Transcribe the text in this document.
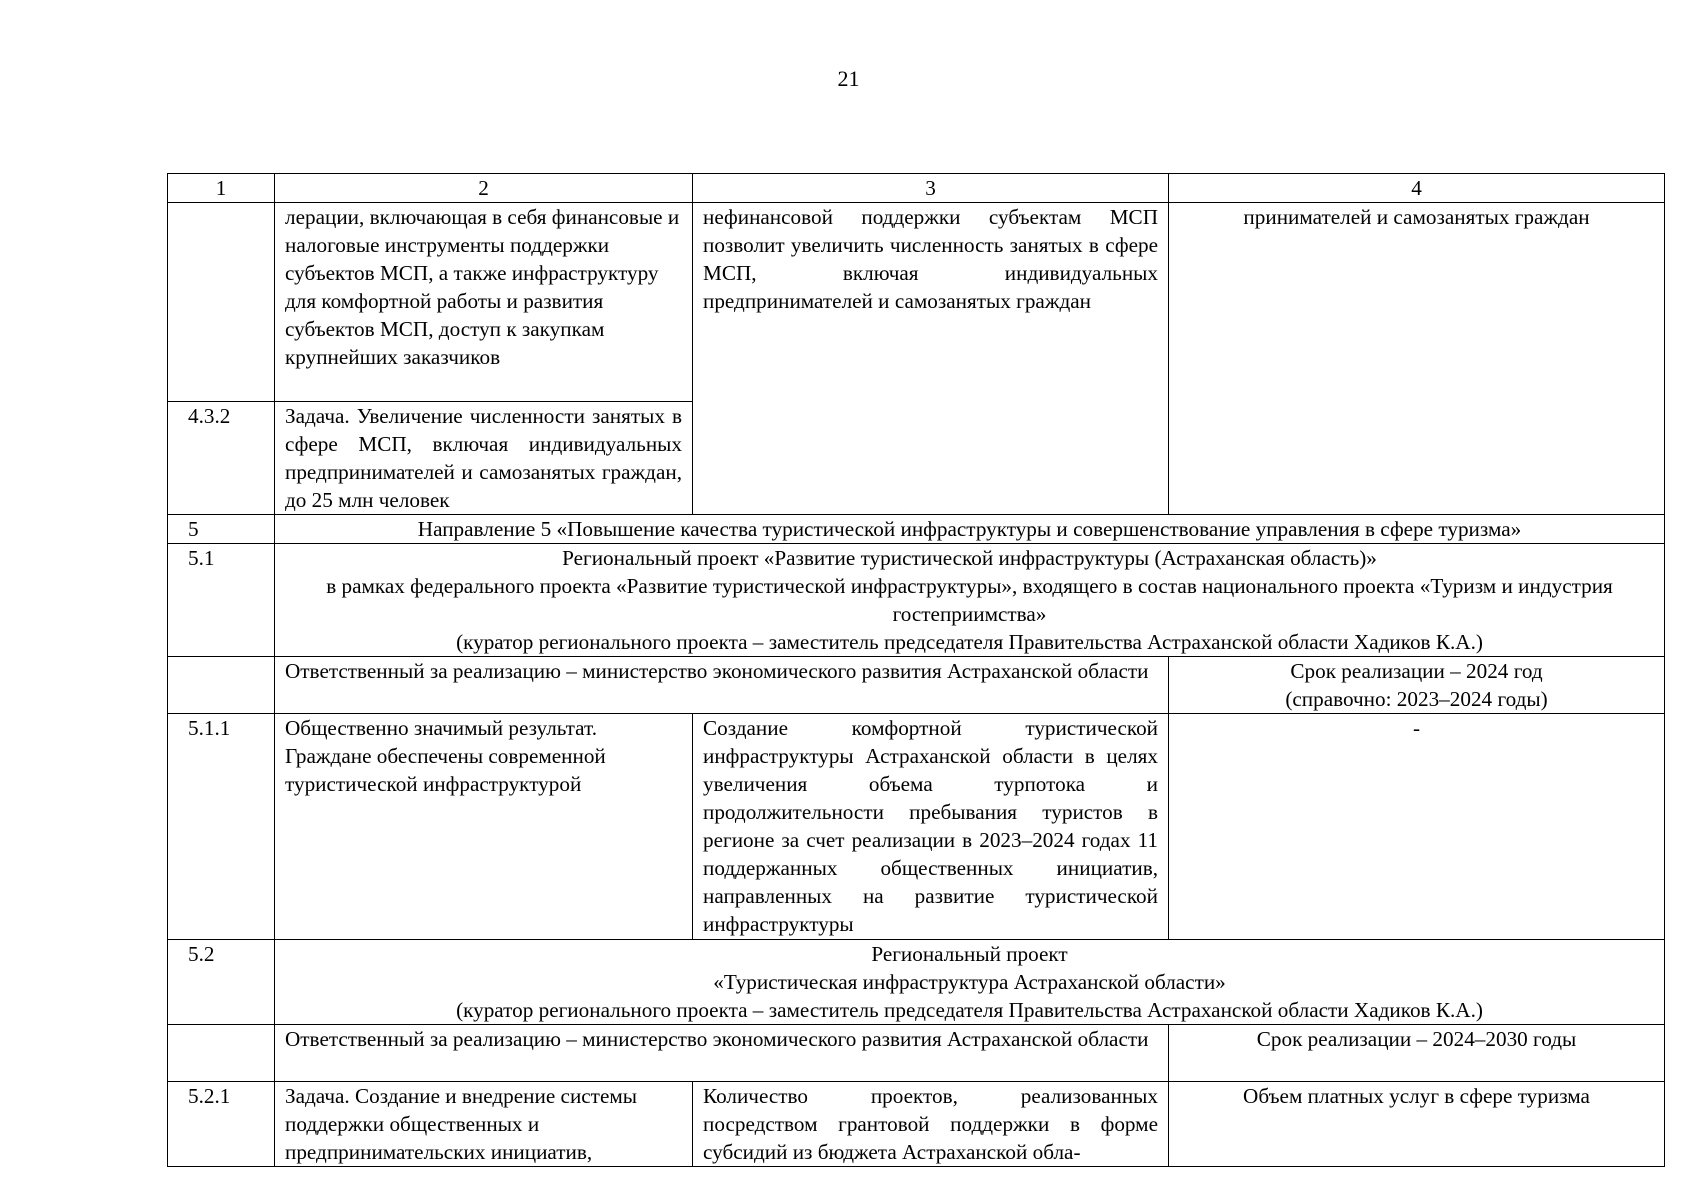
21
1	2	3	4
	лерации, включающая в себя финансовые и налоговые инструменты поддержки субъектов МСП, а также инфраструктуру для комфортной работы и развития субъектов МСП, доступ к закупкам крупнейших заказчиков	нефинансовой поддержки субъектам МСП позволит увеличить численность занятых в сфере МСП, включая индивидуальных предпринимателей и самозанятых граждан	принимателей и самозанятых граждан
4.3.2	Задача. Увеличение численности занятых в сфере МСП, включая индивидуальных предпринимателей и самозанятых граждан, до 25 млн человек		
5	Направление 5 «Повышение качества туристической инфраструктуры и совершенствование управления в сфере туризма»		
5.1	Региональный проект «Развитие туристической инфраструктуры (Астраханская область)»
в рамках федерального проекта «Развитие туристической инфраструктуры», входящего в состав национального проекта «Туризм и индустрия гостеприимства»
(куратор регионального проекта – заместитель председателя Правительства Астраханской области Хадиков К.А.)		

	Ответственный за реализацию – министерство экономического развития Астраханской области		Срок реализации – 2024 год
(справочно: 2023–2024 годы)

5.1.1	Общественно значимый результат. Граждане обеспечены современной туристической инфраструктурой	Создание комфортной туристической инфраструктуры Астраханской области в целях увеличения объема турпотока и продолжительности пребывания туристов в регионе за счет реализации в 2023–2024 годах 11 поддержанных общественных инициатив, направленных на развитие туристической инфраструктуры	-
5.2	Региональный проект
«Туристическая инфраструктура Астраханской области»
(куратор регионального проекта – заместитель председателя Правительства Астраханской области Хадиков К.А.)		

	Ответственный за реализацию – министерство экономического развития Астраханской области		Срок реализации – 2024–2030 годы
5.2.1	Задача. Создание и внедрение системы поддержки общественных и предпринимательских инициатив,	Количество проектов, реализованных посредством грантовой поддержки в форме субсидий из бюджета Астраханской обла-	Объем платных услуг в сфере туризма
